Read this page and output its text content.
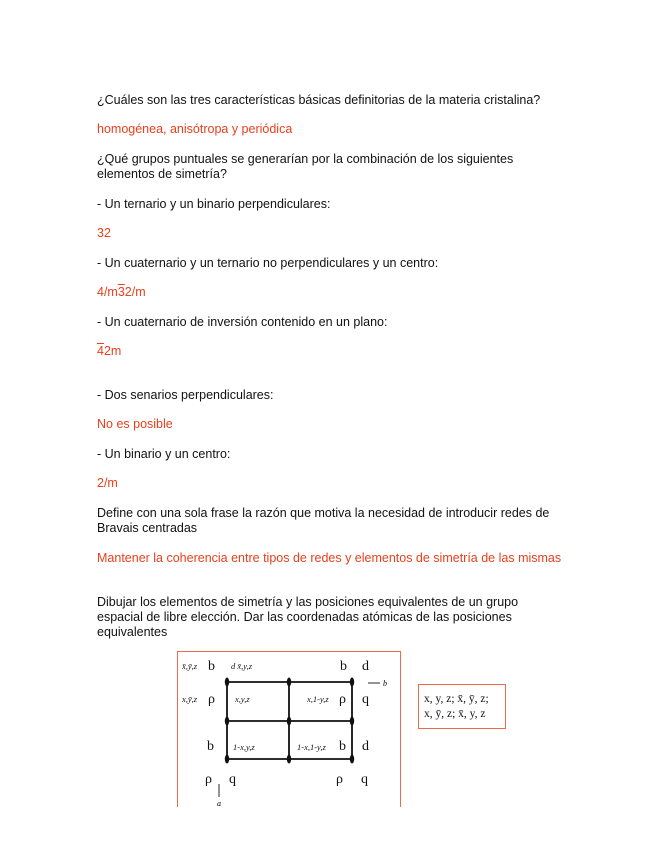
¿Cuáles son las tres características básicas definitorias de la materia cristalina?

homogénea, anisótropa y periódica

¿Qué grupos puntuales se generarían por la combinación de los siguientes elementos de simetría?

- Un ternario y un binario perpendiculares:

32

- Un cuaternario y un ternario no perpendiculares y un centro:

4/m32/m

- Un cuaternario de inversión contenido en un plano:

42m

- Dos senarios perpendiculares:

No es posible

- Un binario y un centro:

2/m

Define con una sola frase la razón que motiva la necesidad de introducir redes de Bravais centradas

Mantener la coherencia entre tipos de redes y elementos de simetría de las mismas

Dibujar los elementos de simetría y las posiciones equivalentes de un grupo espacial de libre elección. Dar las coordenadas atómicas de las posiciones equivalentes

b
a
x̄,ȳ,z	d x̄,y,z
x,ȳ,z	x,y,z	x,1-y,z
1-x,y,z	1-x,1-y,z
b	b d
ρ	ρ q
b	b d
ρ q	ρ q
x, y, z; x̄, ȳ, z;
x, ȳ, z; x̄, y, z
